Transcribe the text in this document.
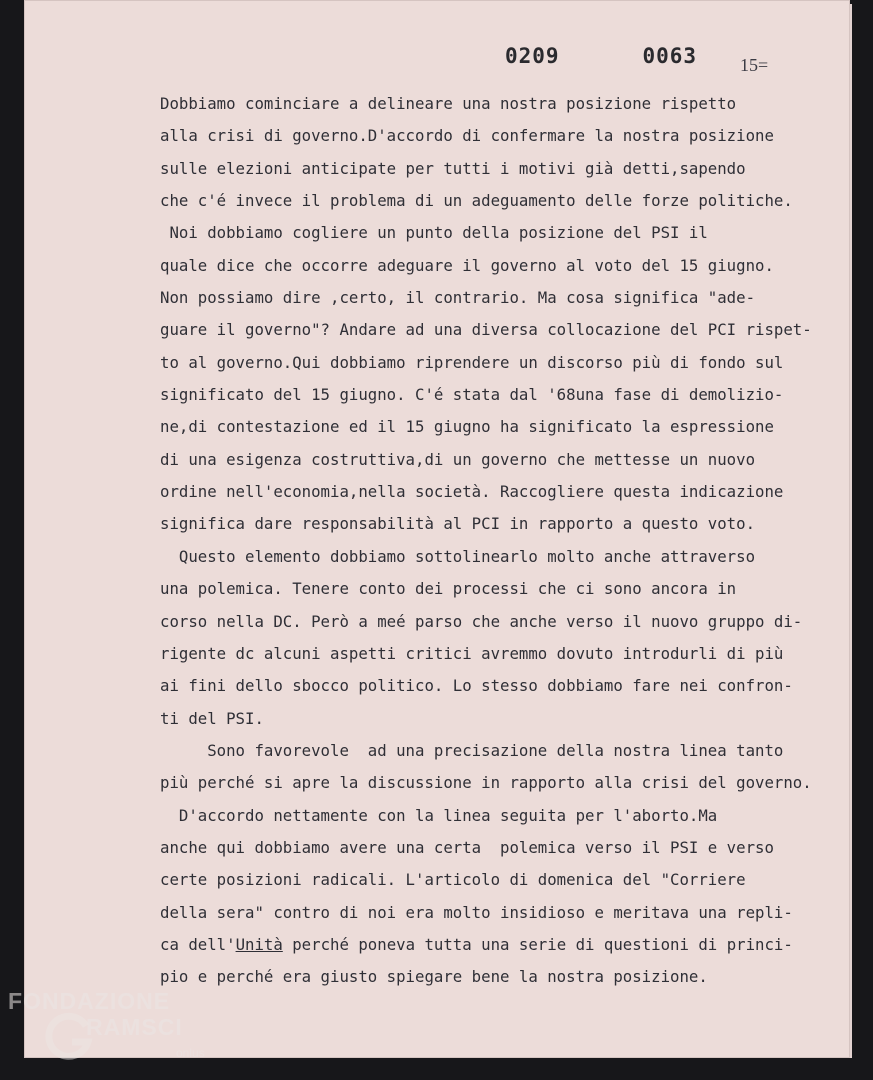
0209   0063 15=
Dobbiamo cominciare a delineare una nostra posizione rispetto
alla crisi di governo.D'accordo di confermare la nostra posizione
sulle elezioni anticipate per tutti i motivi già detti,sapendo
che c'é invece il problema di un adeguamento delle forze politiche.
Noi dobbiamo cogliere un punto della posizione del PSI il
quale dice che occorre adeguare il governo al voto del 15 giugno.
Non possiamo dire ,certo, il contrario. Ma cosa significa "ade-
guare il governo"? Andare ad una diversa collocazione del PCI rispet-
to al governo.Qui dobbiamo riprendere un discorso più di fondo sul
significato del 15 giugno. C'é stata dal '68una fase di demolizio-
ne,di contestazione ed il 15 giugno ha significato la espressione
di una esigenza costruttiva,di un governo che mettesse un nuovo
ordine nell'economia,nella società. Raccogliere questa indicazione
significa dare responsabilità al PCI in rapporto a questo voto.
Questo elemento dobbiamo sottolinearlo molto anche attraverso
una polemica. Tenere conto dei processi che ci sono ancora in
corso nella DC. Però a meé parso che anche verso il nuovo gruppo di-
rigente dc alcuni aspetti critici avremmo dovuto introdurli di più
ai fini dello sbocco politico. Lo stesso dobbiamo fare nei confron-
ti del PSI.
Sono favorevole  ad una precisazione della nostra linea tanto
più perché si apre la discussione in rapporto alla crisi del governo.
D'accordo nettamente con la linea seguita per l'aborto.Ma
anche qui dobbiamo avere una certa  polemica verso il PSI e verso
certe posizioni radicali. L'articolo di domenica del "Corriere
della sera" contro di noi era molto insidioso e meritava una repli-
ca dell'Unità perché poneva tutta una serie di questioni di princi-
pio e perché era giusto spiegare bene la nostra posizione.
FONDAZIONE
RAMSCI
onlus
